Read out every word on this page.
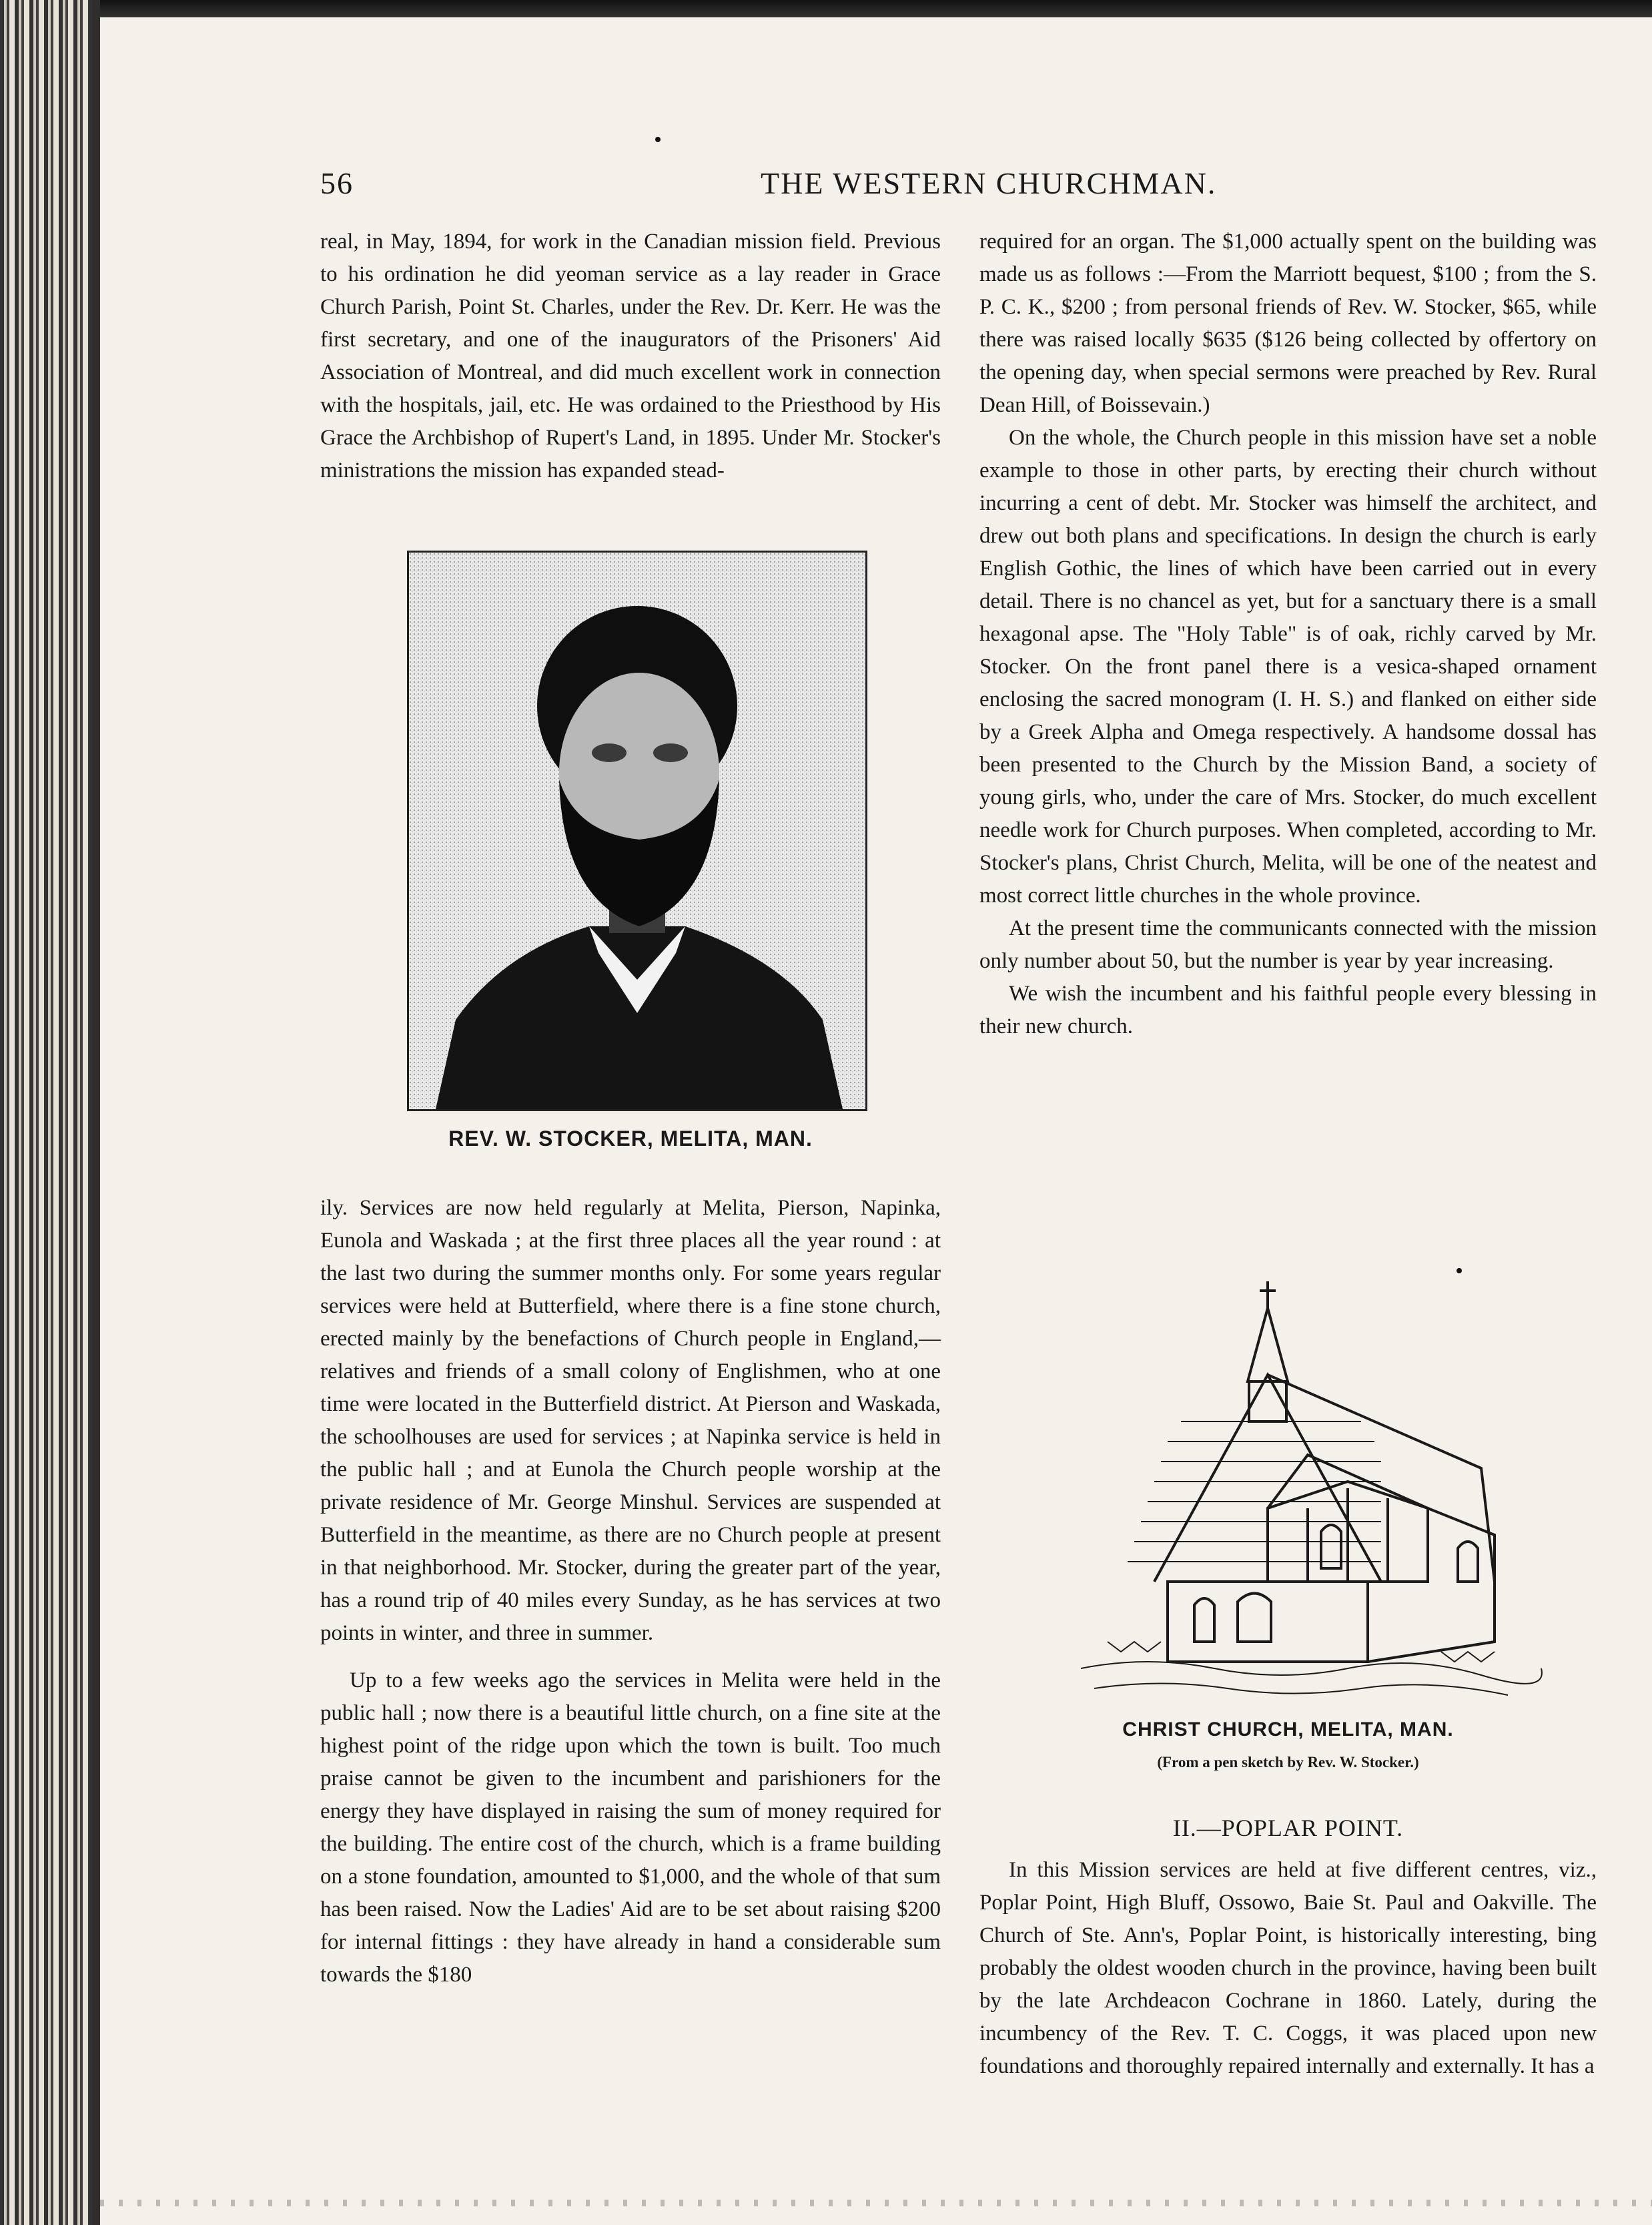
56	THE WESTERN CHURCHMAN.

real, in May, 1894, for work in the Canadian mission field. Previous to his ordination he did yeoman service as a lay reader in Grace Church Parish, Point St. Charles, under the Rev. Dr. Kerr. He was the first secretary, and one of the inaugurators of the Prisoners' Aid Association of Montreal, and did much excellent work in connection with the hospitals, jail, etc. He was ordained to the Priesthood by His Grace the Archbishop of Rupert's Land, in 1895. Under Mr. Stocker's ministrations the mission has expanded stead-

REV. W. STOCKER, MELITA, MAN.

ily. Services are now held regularly at Melita, Pierson, Napinka, Eunola and Waskada ; at the first three places all the year round : at the last two during the summer months only. For some years regular services were held at Butterfield, where there is a fine stone church, erected mainly by the benefactions of Church people in England,—relatives and friends of a small colony of Englishmen, who at one time were located in the Butterfield district. At Pierson and Waskada, the schoolhouses are used for services ; at Napinka service is held in the public hall ; and at Eunola the Church people worship at the private residence of Mr. George Minshul. Services are suspended at Butterfield in the meantime, as there are no Church people at present in that neighborhood. Mr. Stocker, during the greater part of the year, has a round trip of 40 miles every Sunday, as he has services at two points in winter, and three in summer.

Up to a few weeks ago the services in Melita were held in the public hall ; now there is a beautiful little church, on a fine site at the highest point of the ridge upon which the town is built. Too much praise cannot be given to the incumbent and parishioners for the energy they have displayed in raising the sum of money required for the building. The entire cost of the church, which is a frame building on a stone foundation, amounted to $1,000, and the whole of that sum has been raised. Now the Ladies' Aid are to be set about raising $200 for internal fittings : they have already in hand a considerable sum towards the $180

required for an organ. The $1,000 actually spent on the building was made us as follows :—From the Marriott bequest, $100 ; from the S. P. C. K., $200 ; from personal friends of Rev. W. Stocker, $65, while there was raised locally $635 ($126 being collected by offertory on the opening day, when special sermons were preached by Rev. Rural Dean Hill, of Boissevain.)

On the whole, the Church people in this mission have set a noble example to those in other parts, by erecting their church without incurring a cent of debt. Mr. Stocker was himself the architect, and drew out both plans and specifications. In design the church is early English Gothic, the lines of which have been carried out in every detail. There is no chancel as yet, but for a sanctuary there is a small hexagonal apse. The "Holy Table" is of oak, richly carved by Mr. Stocker. On the front panel there is a vesica-shaped ornament enclosing the sacred monogram (I. H. S.) and flanked on either side by a Greek Alpha and Omega respectively. A handsome dossal has been presented to the Church by the Mission Band, a society of young girls, who, under the care of Mrs. Stocker, do much excellent needle work for Church purposes. When completed, according to Mr. Stocker's plans, Christ Church, Melita, will be one of the neatest and most correct little churches in the whole province.

At the present time the communicants connected with the mission only number about 50, but the number is year by year increasing.

We wish the incumbent and his faithful people every blessing in their new church.

CHRIST CHURCH, MELITA, MAN.
(From a pen sketch by Rev. W. Stocker.)
II.—POPLAR POINT.

In this Mission services are held at five different centres, viz., Poplar Point, High Bluff, Ossowo, Baie St. Paul and Oakville. The Church of Ste. Ann's, Poplar Point, is historically interesting, bing probably the oldest wooden church in the province, having been built by the late Archdeacon Cochrane in 1860. Lately, during the incumbency of the Rev. T. C. Coggs, it was placed upon new foundations and thoroughly repaired internally and externally. It has a
